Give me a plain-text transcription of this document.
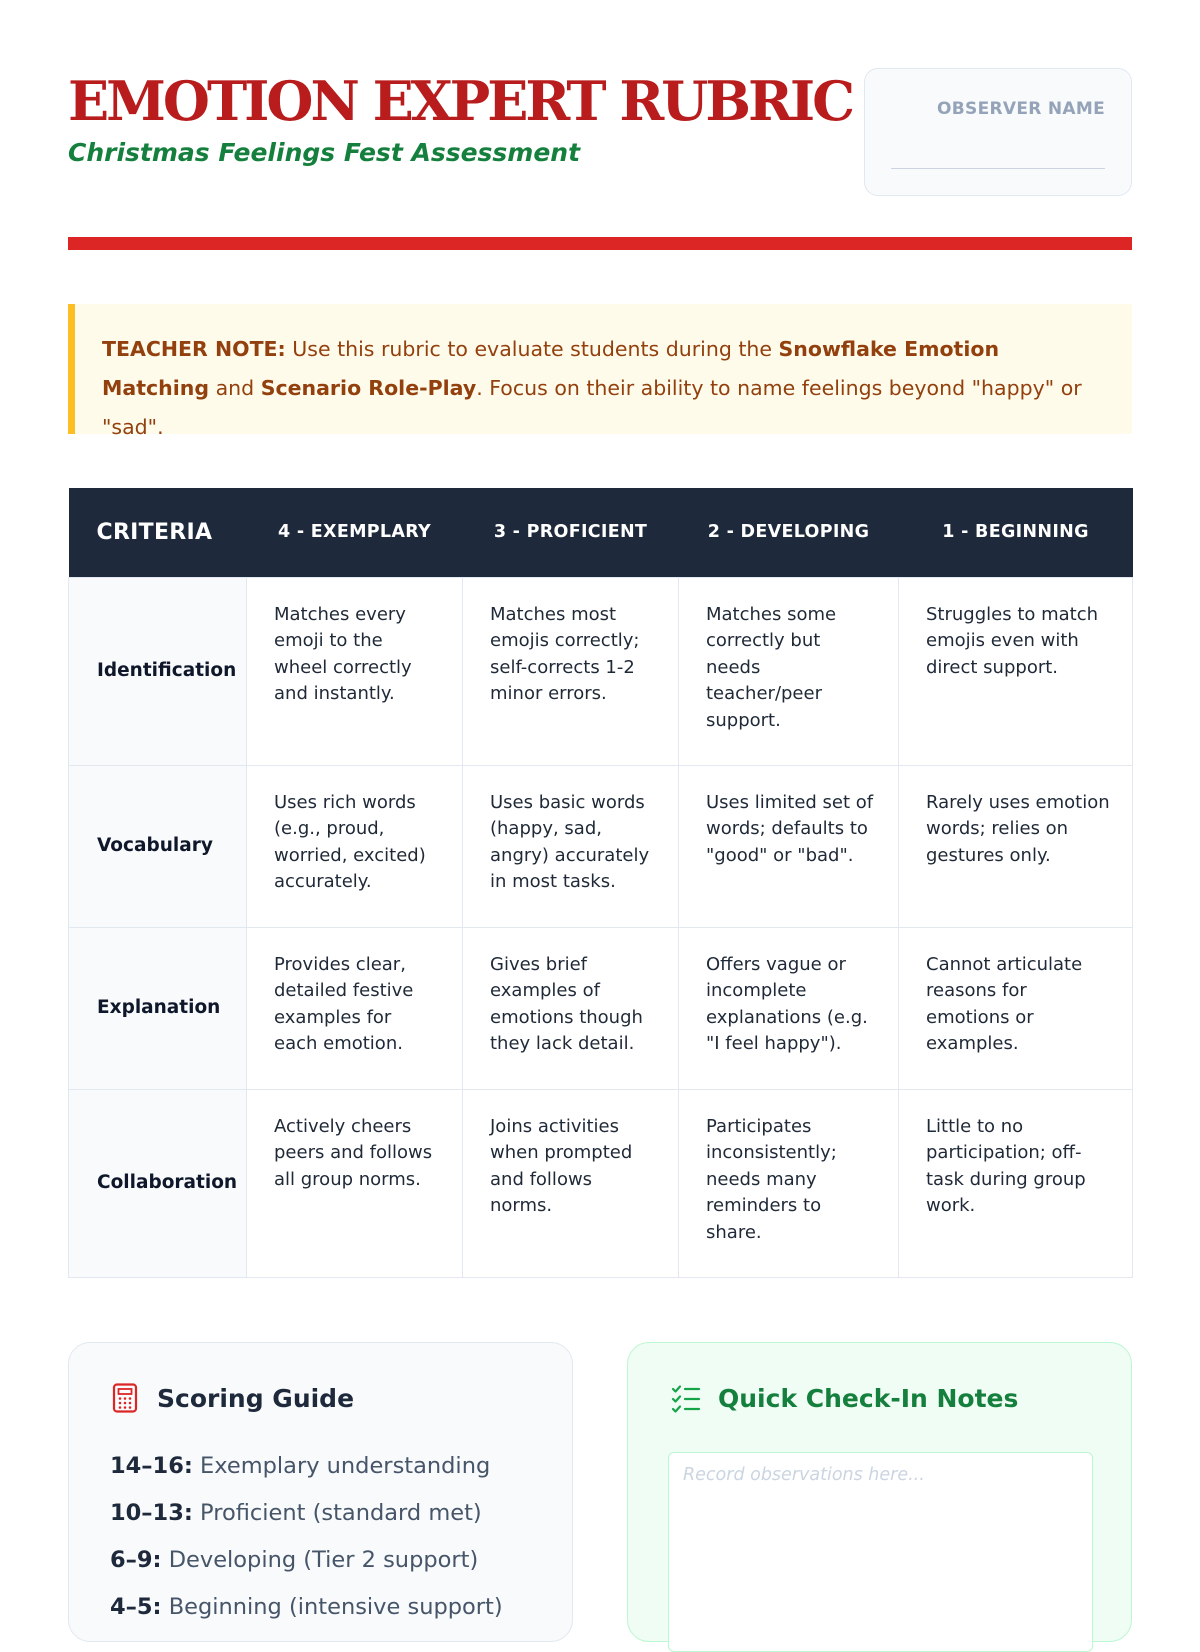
EMOTION EXPERT RUBRIC
Christmas Feelings Fest Assessment
OBSERVER NAME
TEACHER NOTE: Use this rubric to evaluate students during the Snowflake Emotion Matching and Scenario Role-Play. Focus on their ability to name feelings beyond "happy" or "sad".
CRITERIA	4 - EXEMPLARY	3 - PROFICIENT	2 - DEVELOPING	1 - BEGINNING
Identification	Matches every emoji to the wheel correctly and instantly.	Matches most emojis correctly; self-corrects 1-2 minor errors.	Matches some correctly but needs teacher/peer support.	Struggles to match emojis even with direct support.
Vocabulary	Uses rich words (e.g., proud, worried, excited) accurately.	Uses basic words (happy, sad, angry) accurately in most tasks.	Uses limited set of words; defaults to "good" or "bad".	Rarely uses emotion words; relies on gestures only.
Explanation	Provides clear, detailed festive examples for each emotion.	Gives brief examples of emotions though they lack detail.	Offers vague or incomplete explanations (e.g. "I feel happy").	Cannot articulate reasons for emotions or examples.
Collaboration	Actively cheers peers and follows all group norms.	Joins activities when prompted and follows norms.	Participates inconsistently; needs many reminders to share.	Little to no participation; off-task during group work.
Scoring Guide
14–16: Exemplary understanding
10–13: Proficient (standard met)
6–9: Developing (Tier 2 support)
4–5: Beginning (intensive support)
Quick Check-In Notes
Record observations here...
